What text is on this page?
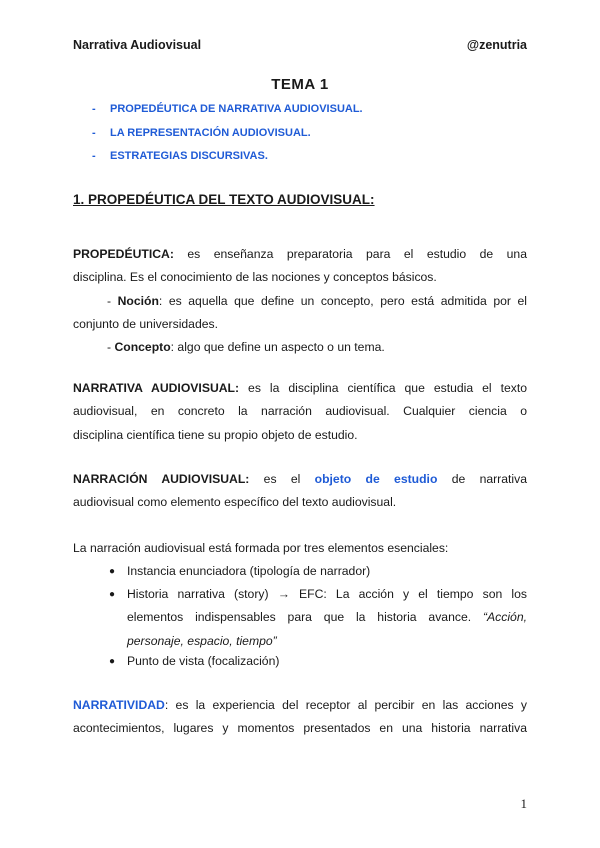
Narrativa Audiovisual	@zenutria
TEMA 1
- PROPEDÉUTICA DE NARRATIVA AUDIOVISUAL.
- LA REPRESENTACIÓN AUDIOVISUAL.
- ESTRATEGIAS DISCURSIVAS.
1. PROPEDÉUTICA DEL TEXTO AUDIOVISUAL:
PROPEDÉUTICA: es enseñanza preparatoria para el estudio de una
disciplina. Es el conocimiento de las nociones y conceptos básicos.
- Noción: es aquella que define un concepto, pero está admitida por el
conjunto de universidades.
- Concepto: algo que define un aspecto o un tema.
NARRATIVA AUDIOVISUAL: es la disciplina científica que estudia el texto
audiovisual, en concreto la narración audiovisual. Cualquier ciencia o
disciplina científica tiene su propio objeto de estudio.
NARRACIÓN AUDIOVISUAL: es el objeto de estudio de narrativa
audiovisual como elemento específico del texto audiovisual.
La narración audiovisual está formada por tres elementos esenciales:
● Instancia enunciadora (tipología de narrador)
● Historia narrativa (story) → EFC: La acción y el tiempo son los
elementos indispensables para que la historia avance. “Acción,
personaje, espacio, tiempo”
● Punto de vista (focalización)
NARRATIVIDAD: es la experiencia del receptor al percibir en las acciones y
acontecimientos, lugares y momentos presentados en una historia narrativa
1
